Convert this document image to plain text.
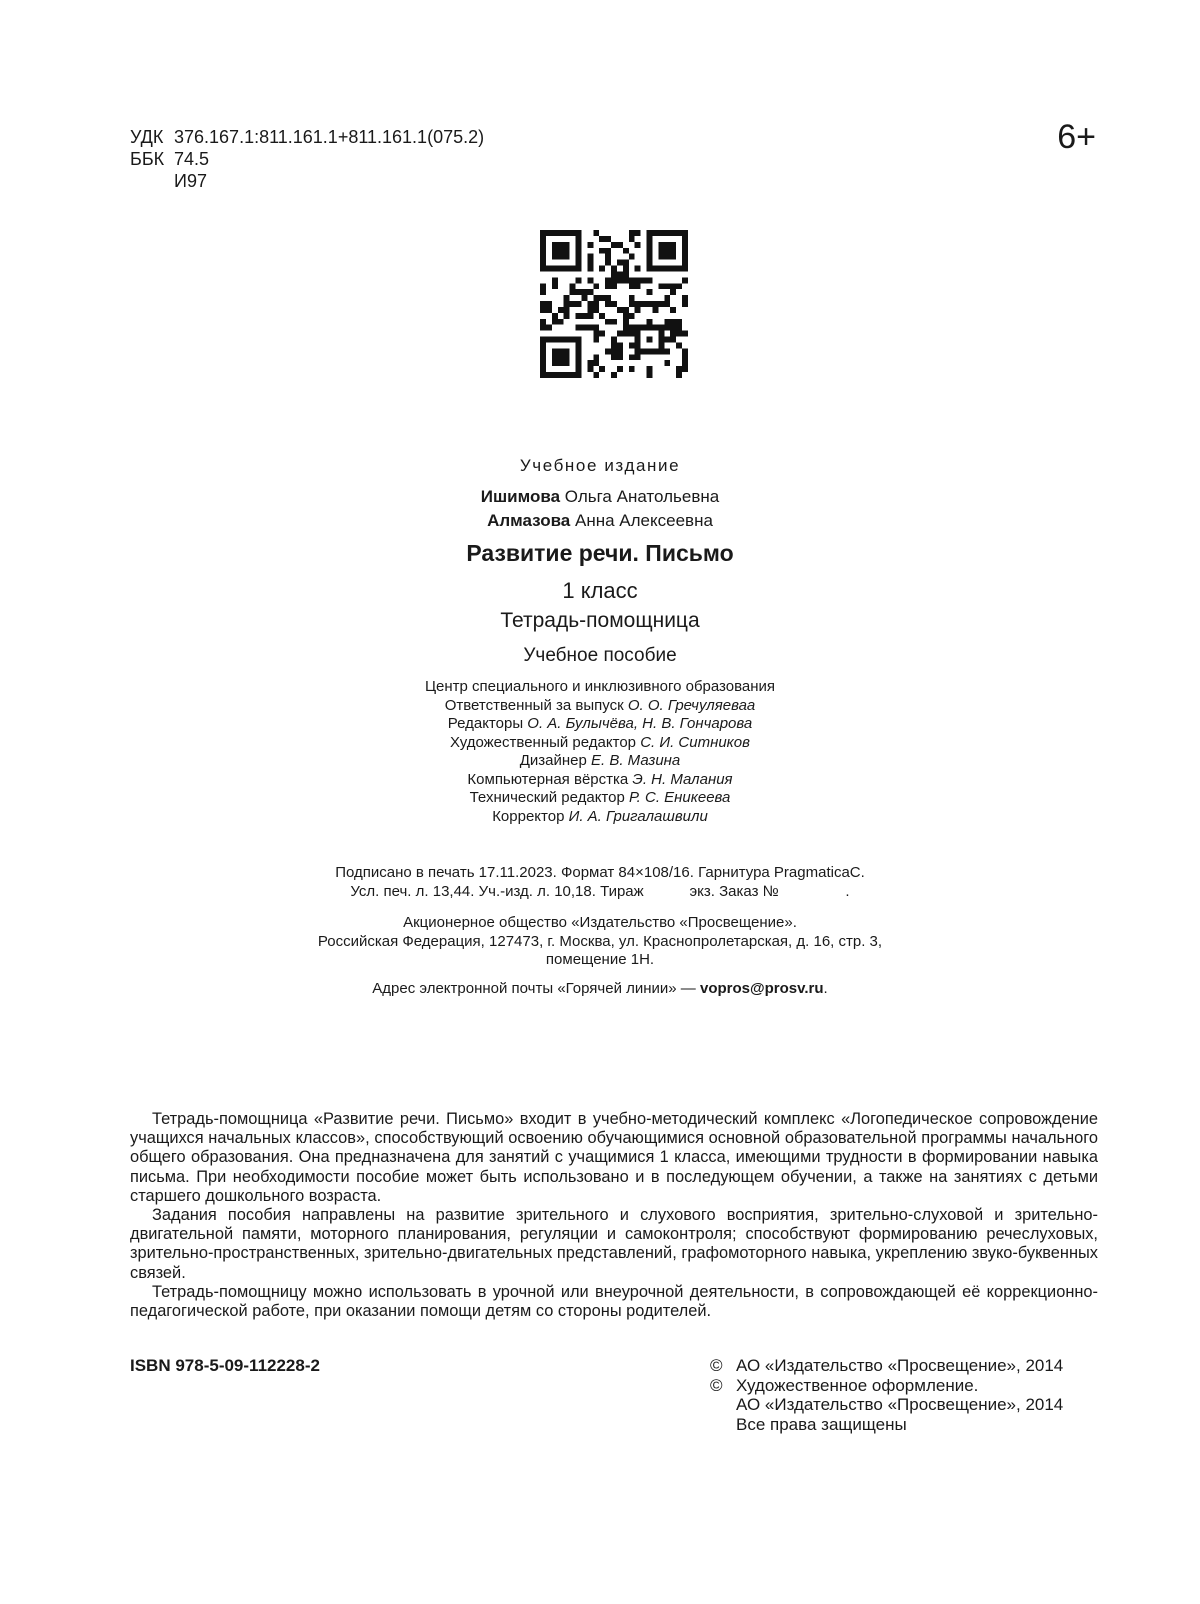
УДК 376.167.1:811.161.1+811.161.1(075.2)
ББК 74.5
И97
6+
Учебное издание
Ишимова Ольга Анатольевна
Алмазова Анна Алексеевна
Развитие речи. Письмо
1 класс
Тетрадь-помощница
Учебное пособие
Центр специального и инклюзивного образования
Ответственный за выпуск О. О. Гречуляеваа
Редакторы О. А. Булычёва, Н. В. Гончарова
Художественный редактор С. И. Ситников
Дизайнер Е. В. Мазина
Компьютерная вёрстка Э. Н. Малания
Технический редактор Р. С. Еникеева
Корректор И. А. Григалашвили
Подписано в печать 17.11.2023. Формат 84×108/16. Гарнитура PragmaticaC.
Усл. печ. л. 13,44. Уч.-изд. л. 10,18. Тираж           экз. Заказ №                .
Акционерное общество «Издательство «Просвещение».
Российская Федерация, 127473, г. Москва, ул. Краснопролетарская, д. 16, стр. 3,
помещение 1Н.
Адрес электронной почты «Горячей линии» — vopros@prosv.ru.

Тетрадь-помощница «Развитие речи. Письмо» входит в учебно-методический комплекс «Логопедическое сопровождение учащихся начальных классов», способствующий освоению обучающимися основной образовательной программы начального общего образования. Она предназначена для занятий с учащимися 1 класса, имеющими трудности в формировании навыка письма. При необходимости пособие может быть использовано и в последующем обучении, а также на занятиях с детьми старшего дошкольного возраста.

Задания пособия направлены на развитие зрительного и слухового восприятия, зрительно-слуховой и зрительно-двигательной памяти, моторного планирования, регуляции и самоконтроля; способствуют формированию речеслуховых, зрительно-пространственных, зрительно-двигательных представлений, графомоторного навыка, укреплению звуко-буквенных связей.

Тетрадь-помощницу можно использовать в урочной или внеурочной деятельности, в сопровождающей её коррекционно-педагогической работе, при оказании помощи детям со стороны родителей.

ISBN 978-5-09-112228-2	© АО «Издательство «Просвещение», 2014
© Художественное оформление.
АО «Издательство «Просвещение», 2014
Все права защищены
